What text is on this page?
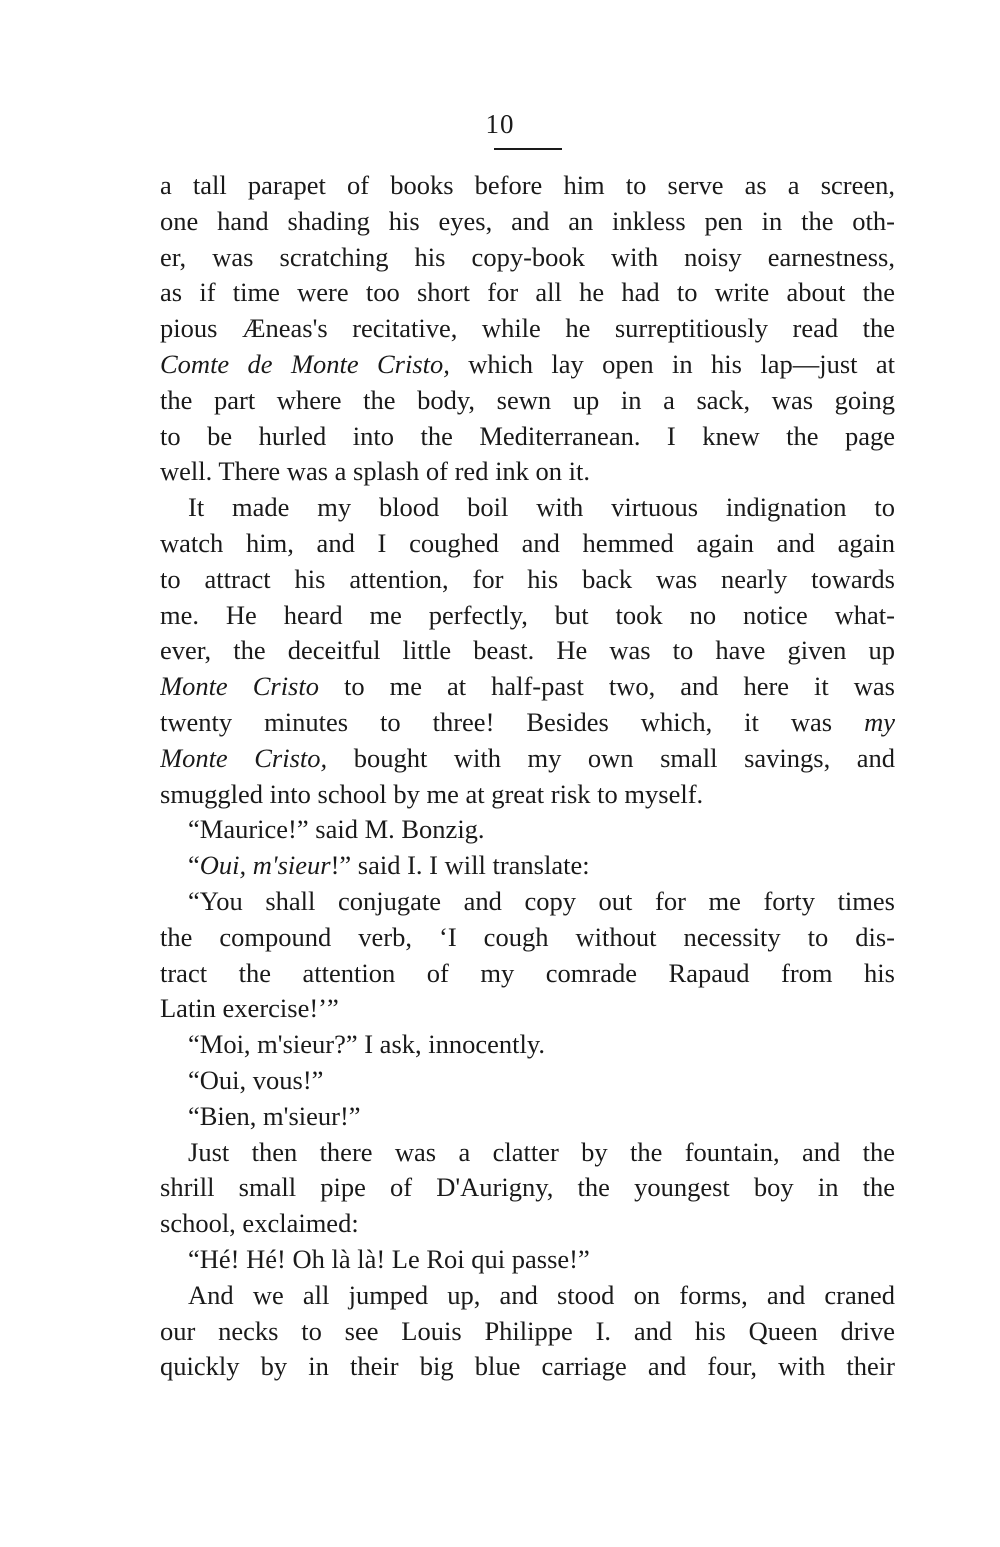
10
a tall parapet of books before him to serve as a screen,
one hand shading his eyes, and an inkless pen in the oth-
er, was scratching his copy-book with noisy earnestness,
as if time were too short for all he had to write about the
pious Æneas's recitative, while he surreptitiously read the
Comte de Monte Cristo, which lay open in his lap—just at
the part where the body, sewn up in a sack, was going
to be hurled into the Mediterranean. I knew the page
well. There was a splash of red ink on it.
It made my blood boil with virtuous indignation to
watch him, and I coughed and hemmed again and again
to attract his attention, for his back was nearly towards
me. He heard me perfectly, but took no notice what-
ever, the deceitful little beast. He was to have given up
Monte Cristo to me at half-past two, and here it was
twenty minutes to three! Besides which, it was my
Monte Cristo, bought with my own small savings, and
smuggled into school by me at great risk to myself.
“Maurice!” said M. Bonzig.
“Oui, m'sieur!” said I. I will translate:
“You shall conjugate and copy out for me forty times
the compound verb, ‘I cough without necessity to dis-
tract the attention of my comrade Rapaud from his
Latin exercise!’”
“Moi, m'sieur?” I ask, innocently.
“Oui, vous!”
“Bien, m'sieur!”
Just then there was a clatter by the fountain, and the
shrill small pipe of D'Aurigny, the youngest boy in the
school, exclaimed:
“Hé! Hé! Oh là là! Le Roi qui passe!”
And we all jumped up, and stood on forms, and craned
our necks to see Louis Philippe I. and his Queen drive
quickly by in their big blue carriage and four, with their
